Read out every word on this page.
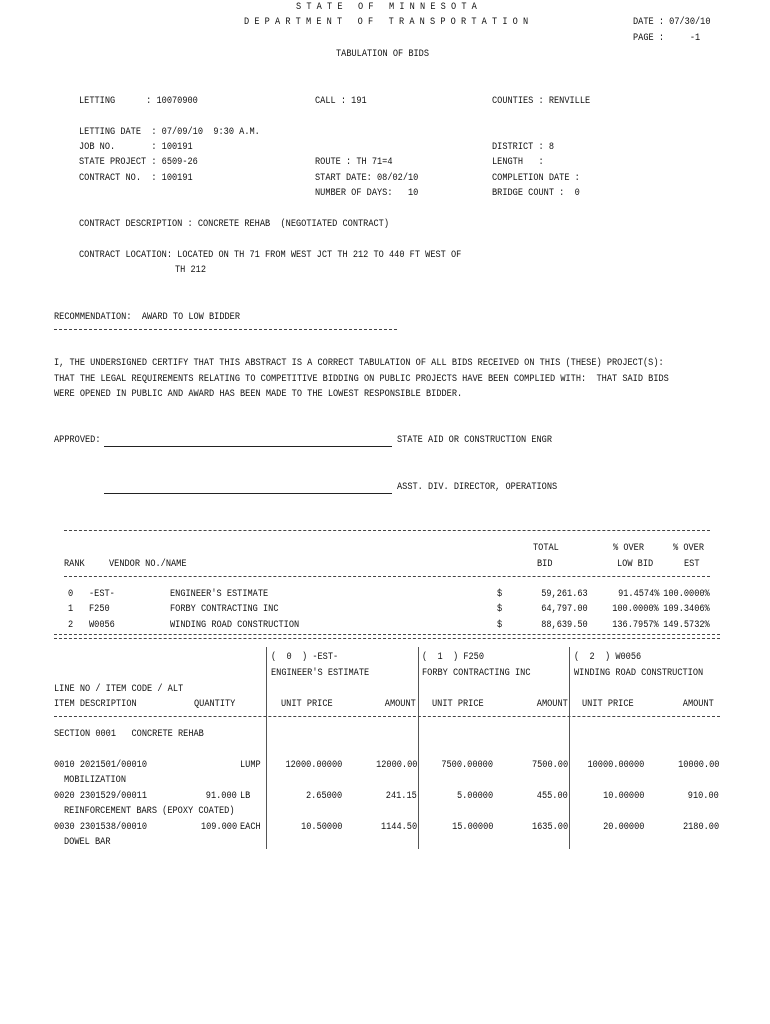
S T A T E   O F   M I N N E S O T A
D E P A R T M E N T   O F   T R A N S P O R T A T I O N	DATE : 07/30/10
PAGE :     -1
TABULATION OF BIDS
LETTING      : 10070900	CALL : 191	COUNTIES : RENVILLE
LETTING DATE  : 07/09/10  9:30 A.M.
JOB NO.       : 100191
STATE PROJECT : 6509-26
CONTRACT NO.  : 100191
ROUTE : TH 71=4
START DATE: 08/02/10
NUMBER OF DAYS:   10
DISTRICT : 8
LENGTH   :
COMPLETION DATE :
BRIDGE COUNT :  0
CONTRACT DESCRIPTION : CONCRETE REHAB  (NEGOTIATED CONTRACT)
CONTRACT LOCATION: LOCATED ON TH 71 FROM WEST JCT TH 212 TO 440 FT WEST OF
TH 212
RECOMMENDATION:  AWARD TO LOW BIDDER
I, THE UNDERSIGNED CERTIFY THAT THIS ABSTRACT IS A CORRECT TABULATION OF ALL BIDS RECEIVED ON THIS (THESE) PROJECT(S):
THAT THE LEGAL REQUIREMENTS RELATING TO COMPETITIVE BIDDING ON PUBLIC PROJECTS HAVE BEEN COMPLIED WITH:  THAT SAID BIDS
WERE OPENED IN PUBLIC AND AWARD HAS BEEN MADE TO THE LOWEST RESPONSIBLE BIDDER.
APPROVED:	STATE AID OR CONSTRUCTION ENGR
ASST. DIV. DIRECTOR, OPERATIONS
TOTAL	% OVER	% OVER
RANK VENDOR NO./NAME	BID	LOW BID	EST
0 -EST-	ENGINEER'S ESTIMATE	$	59,261.63	91.4574% 100.0000%
1 F250	FORBY CONTRACTING INC	$	64,797.00 100.0000% 109.3406%
2 W0056	WINDING ROAD CONSTRUCTION	$	88,639.50 136.7957% 149.5732%
(  0  ) -EST-
ENGINEER'S ESTIMATE
(  1  ) F250
FORBY CONTRACTING INC
(  2  ) W0056
WINDING ROAD CONSTRUCTION
LINE NO / ITEM CODE / ALT
ITEM DESCRIPTION	QUANTITY	UNIT PRICE	AMOUNT UNIT PRICE	AMOUNT UNIT PRICE	AMOUNT
SECTION 0001   CONCRETE REHAB
0010 2021501/00010
MOBILIZATION
LUMP 12000.00000	12000.00 7500.00000	7500.00 10000.00000	10000.00
0020 2301529/00011
REINFORCEMENT BARS (EPOXY COATED)
91.000 LB	2.65000	241.15	5.00000	455.00	10.00000	910.00
0030 2301538/00010
DOWEL BAR
109.000 EACH	10.50000	1144.50	15.00000	1635.00	20.00000	2180.00
